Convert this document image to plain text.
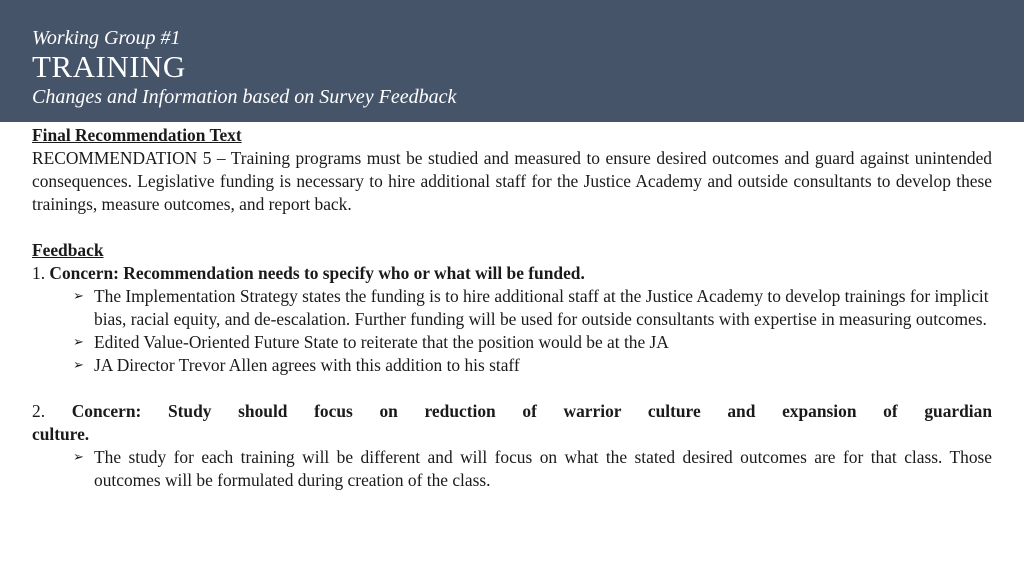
Working Group #1
TRAINING
Changes and Information based on Survey Feedback

Final Recommendation Text

RECOMMENDATION 5 – Training programs must be studied and measured to ensure desired outcomes and guard against unintended consequences. Legislative funding is necessary to hire additional staff for the Justice Academy and outside consultants to develop these trainings, measure outcomes, and report back.

Feedback

1. Concern: Recommendation needs to specify who or what will be funded.

➢ The Implementation Strategy states the funding is to hire additional staff at the Justice Academy to develop trainings for implicit bias, racial equity, and de-escalation. Further funding will be used for outside consultants with expertise in measuring outcomes.
➢ Edited Value-Oriented Future State to reiterate that the position would be at the JA
➢ JA Director Trevor Allen agrees with this addition to his staff

2. Concern: Study should focus on reduction of warrior culture and expansion of guardian

culture.

➢ The study for each training will be different and will focus on what the stated desired outcomes are for that class. Those outcomes will be formulated during creation of the class.
